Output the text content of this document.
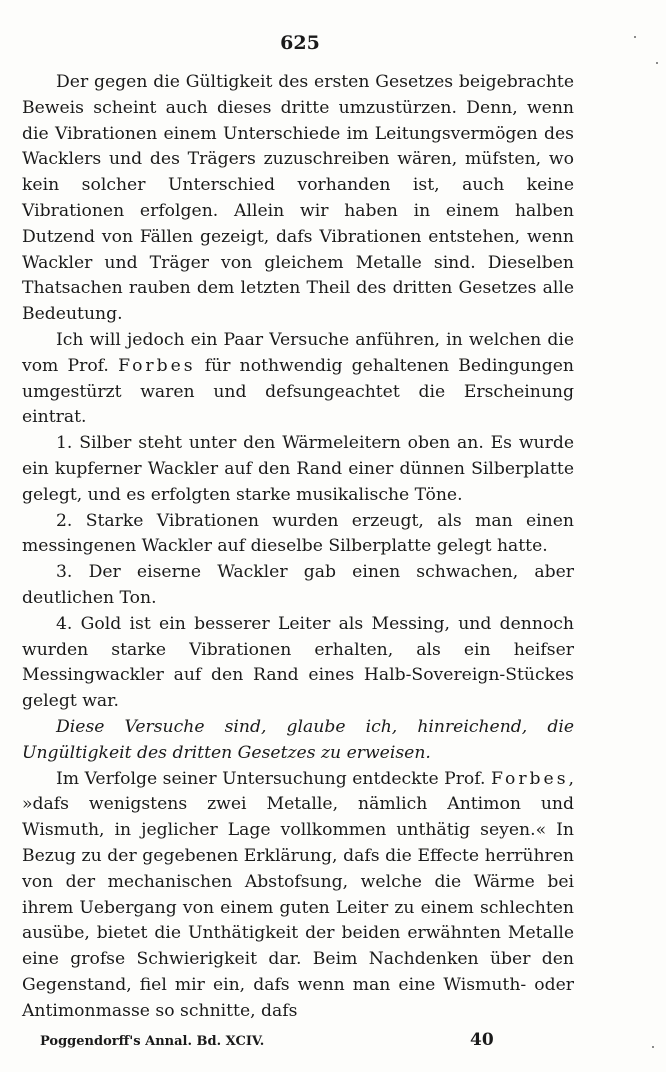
625

Der gegen die Gültigkeit des ersten Gesetzes beigebrachte Beweis scheint auch dieses dritte umzustürzen. Denn, wenn die Vibrationen einem Unterschiede im Leitungsvermögen des Wacklers und des Trägers zuzuschreiben wären, müfsten, wo kein solcher Unterschied vorhanden ist, auch keine Vibrationen erfolgen. Allein wir haben in einem halben Dutzend von Fällen gezeigt, dafs Vibrationen entstehen, wenn Wackler und Träger von gleichem Metalle sind. Dieselben Thatsachen rauben dem letzten Theil des dritten Gesetzes alle Bedeutung.

Ich will jedoch ein Paar Versuche anführen, in welchen die vom Prof. Forbes für nothwendig gehaltenen Bedingungen umgestürzt waren und defsungeachtet die Erscheinung eintrat.

1. Silber steht unter den Wärmeleitern oben an. Es wurde ein kupferner Wackler auf den Rand einer dünnen Silberplatte gelegt, und es erfolgten starke musikalische Töne.

2. Starke Vibrationen wurden erzeugt, als man einen messingenen Wackler auf dieselbe Silberplatte gelegt hatte.

3. Der eiserne Wackler gab einen schwachen, aber deutlichen Ton.

4. Gold ist ein besserer Leiter als Messing, und dennoch wurden starke Vibrationen erhalten, als ein heifser Messingwackler auf den Rand eines Halb-Sovereign-Stückes gelegt war.

Diese Versuche sind, glaube ich, hinreichend, die Ungültigkeit des dritten Gesetzes zu erweisen.

Im Verfolge seiner Untersuchung entdeckte Prof. Forbes, »dafs wenigstens zwei Metalle, nämlich Antimon und Wismuth, in jeglicher Lage vollkommen unthätig seyen.« In Bezug zu der gegebenen Erklärung, dafs die Effecte herrühren von der mechanischen Abstofsung, welche die Wärme bei ihrem Uebergang von einem guten Leiter zu einem schlechten ausübe, bietet die Unthätigkeit der beiden erwähnten Metalle eine grofse Schwierigkeit dar. Beim Nachdenken über den Gegenstand, fiel mir ein, dafs wenn man eine Wismuth- oder Antimonmasse so schnitte, dafs

Poggendorff's Annal. Bd. XCIV.	40
